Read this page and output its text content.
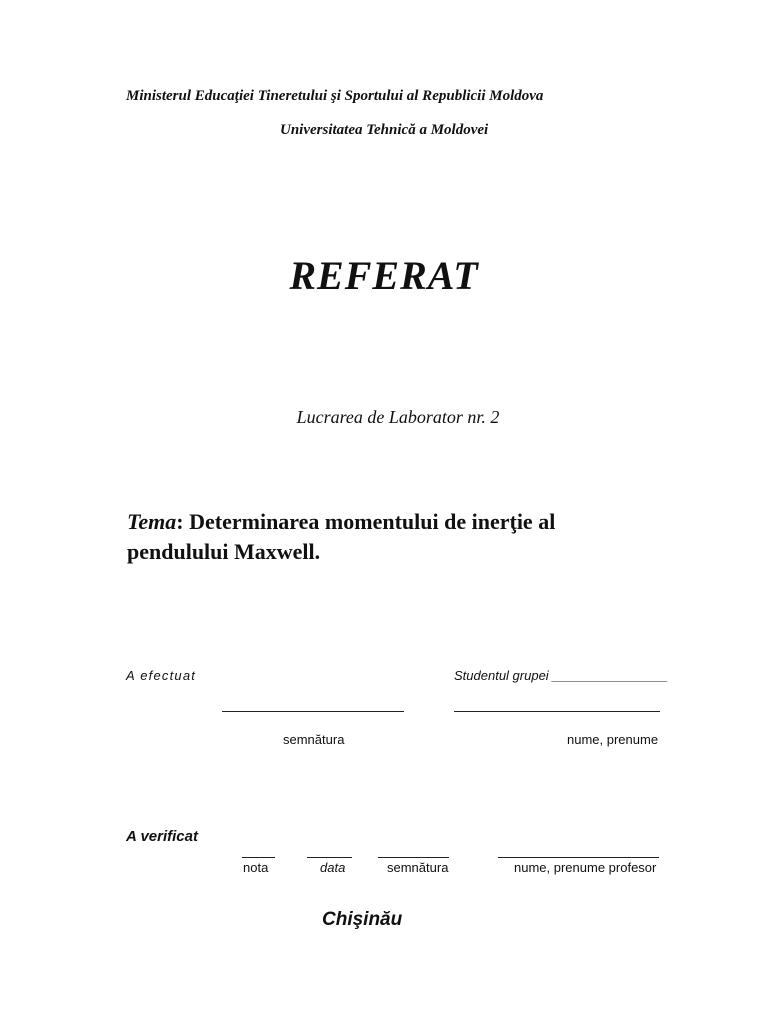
Ministerul Educaţiei Tineretului şi Sportului al Republicii Moldova
Universitatea Tehnică a Moldovei
REFERAT
Lucrarea de Laborator nr. 2
Tema: Determinarea momentului de inerţie al pendulului Maxwell.
A efectuat	Studentul grupei ________________
semnătura	nume, prenume
A verificat
nota	data	semnătura	nume, prenume profesor
Chişinău
